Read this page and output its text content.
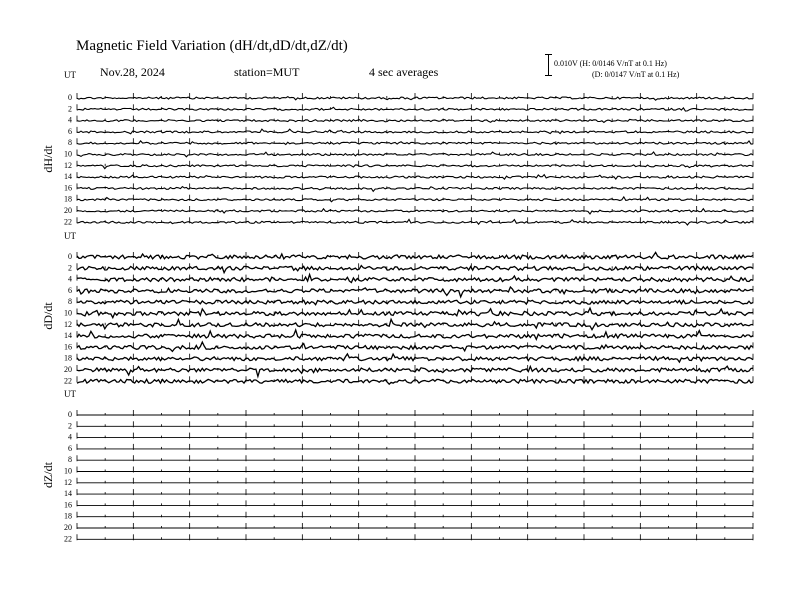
Magnetic Field Variation (dH/dt,dD/dt,dZ/dt)
Nov.28, 2024	station=MUT	4 sec averages
0.010V (H: 0/0146 V/nT at 0.1 Hz)
(D: 0/0147 V/nT at 0.1 Hz)
UT
dH/dt
0
2
4
6
8
10
12
14
16
18
20
22
UT
dD/dt
0
2
4
6
8
10
12
14
16
18
20
22
UT
dZ/dt
0
2
4
6
8
10
12
14
16
18
20
22
